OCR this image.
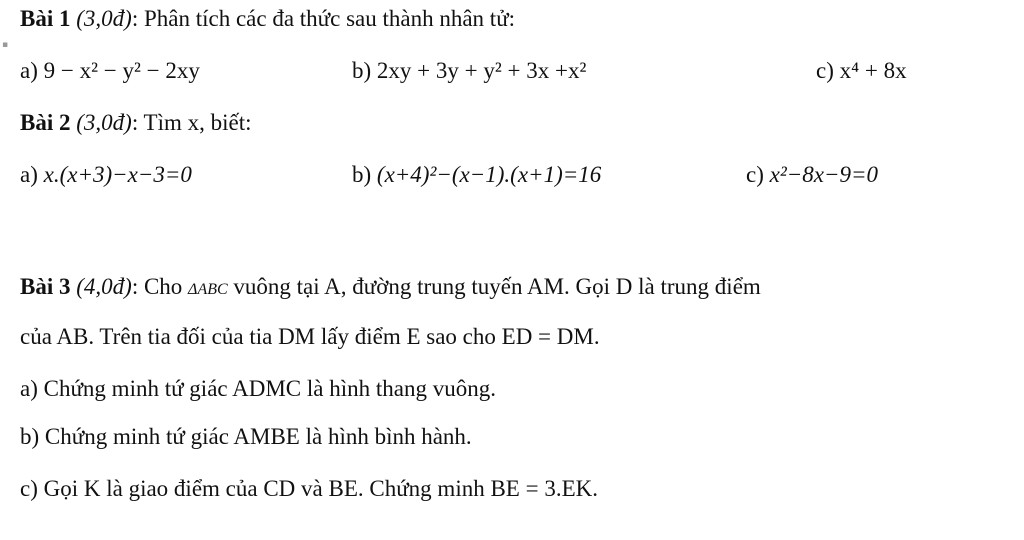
▪
Bài 1 (3,0đ): Phân tích các đa thức sau thành nhân tử:
a) 9 − x² − y² − 2xy	b) 2xy + 3y + y² + 3x +x²	c) x⁴ + 8x
Bài 2 (3,0đ): Tìm x, biết:
a) x.(x+3)−x−3=0	b) (x+4)²−(x−1).(x+1)=16	c) x²−8x−9=0
Bài 3 (4,0đ): Cho ΔABC vuông tại A, đường trung tuyến AM. Gọi D là trung điểm
của AB. Trên tia đối của tia DM lấy điểm E sao cho ED = DM.
a) Chứng minh tứ giác ADMC là hình thang vuông.
b) Chứng minh tứ giác AMBE là hình bình hành.
c) Gọi K là giao điểm của CD và BE. Chứng minh BE = 3.EK.
